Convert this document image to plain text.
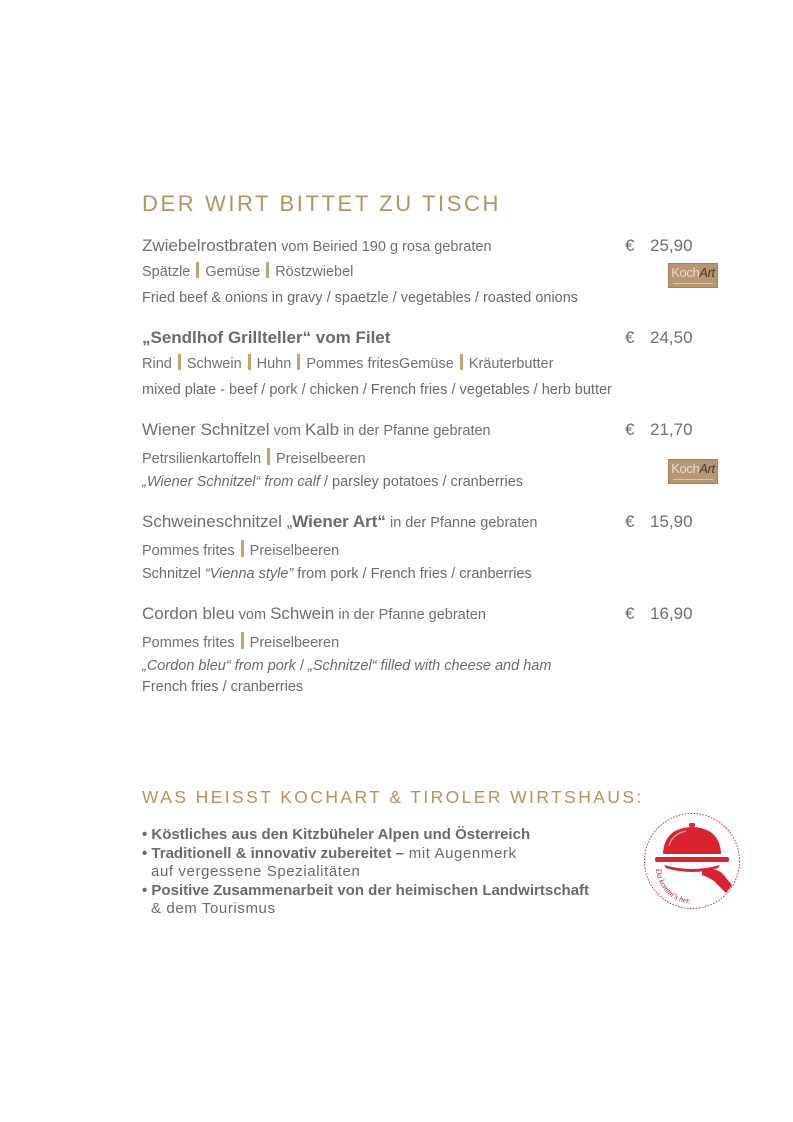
DER WIRT BITTET ZU TISCH
Zwiebelrostbraten vom Beiried 190 g rosa gebraten	€ 25,90
Spätzle Gemüse Röstzwiebel	KochArt
Fried beef & onions in gravy / spaetzle / vegetables / roasted onions
„Sendlhof Grillteller“ vom Filet	€ 24,50
Rind Schwein Huhn Pommes fritesGemüse Kräuterbutter
mixed plate - beef / pork / chicken / French fries / vegetables / herb butter
Wiener Schnitzel vom Kalb in der Pfanne gebraten	€ 21,70
Petrsilienkartoffeln Preiselbeeren
KochArt
„Wiener Schnitzel“ from calf / parsley potatoes / cranberries
Schweineschnitzel „Wiener Art“ in der Pfanne gebraten	€ 15,90
Pommes frites Preiselbeeren
Schnitzel “Vienna style” from pork / French fries / cranberries
Cordon bleu vom Schwein in der Pfanne gebraten	€ 16,90
Pommes frites Preiselbeeren
„Cordon bleu“ from pork / „Schnitzel“ filled with cheese and ham
French fries / cranberries
WAS HEISST KOCHART & TIROLER WIRTSHAUS:
• Köstliches aus den Kitzbüheler Alpen und Österreich
• Traditionell & innovativ zubereitet – mit Augenmerk
auf vergessene Spezialitäten
• Positive Zusammenarbeit von der heimischen Landwirtschaft
& dem Tourismus
Da kommt's her.
